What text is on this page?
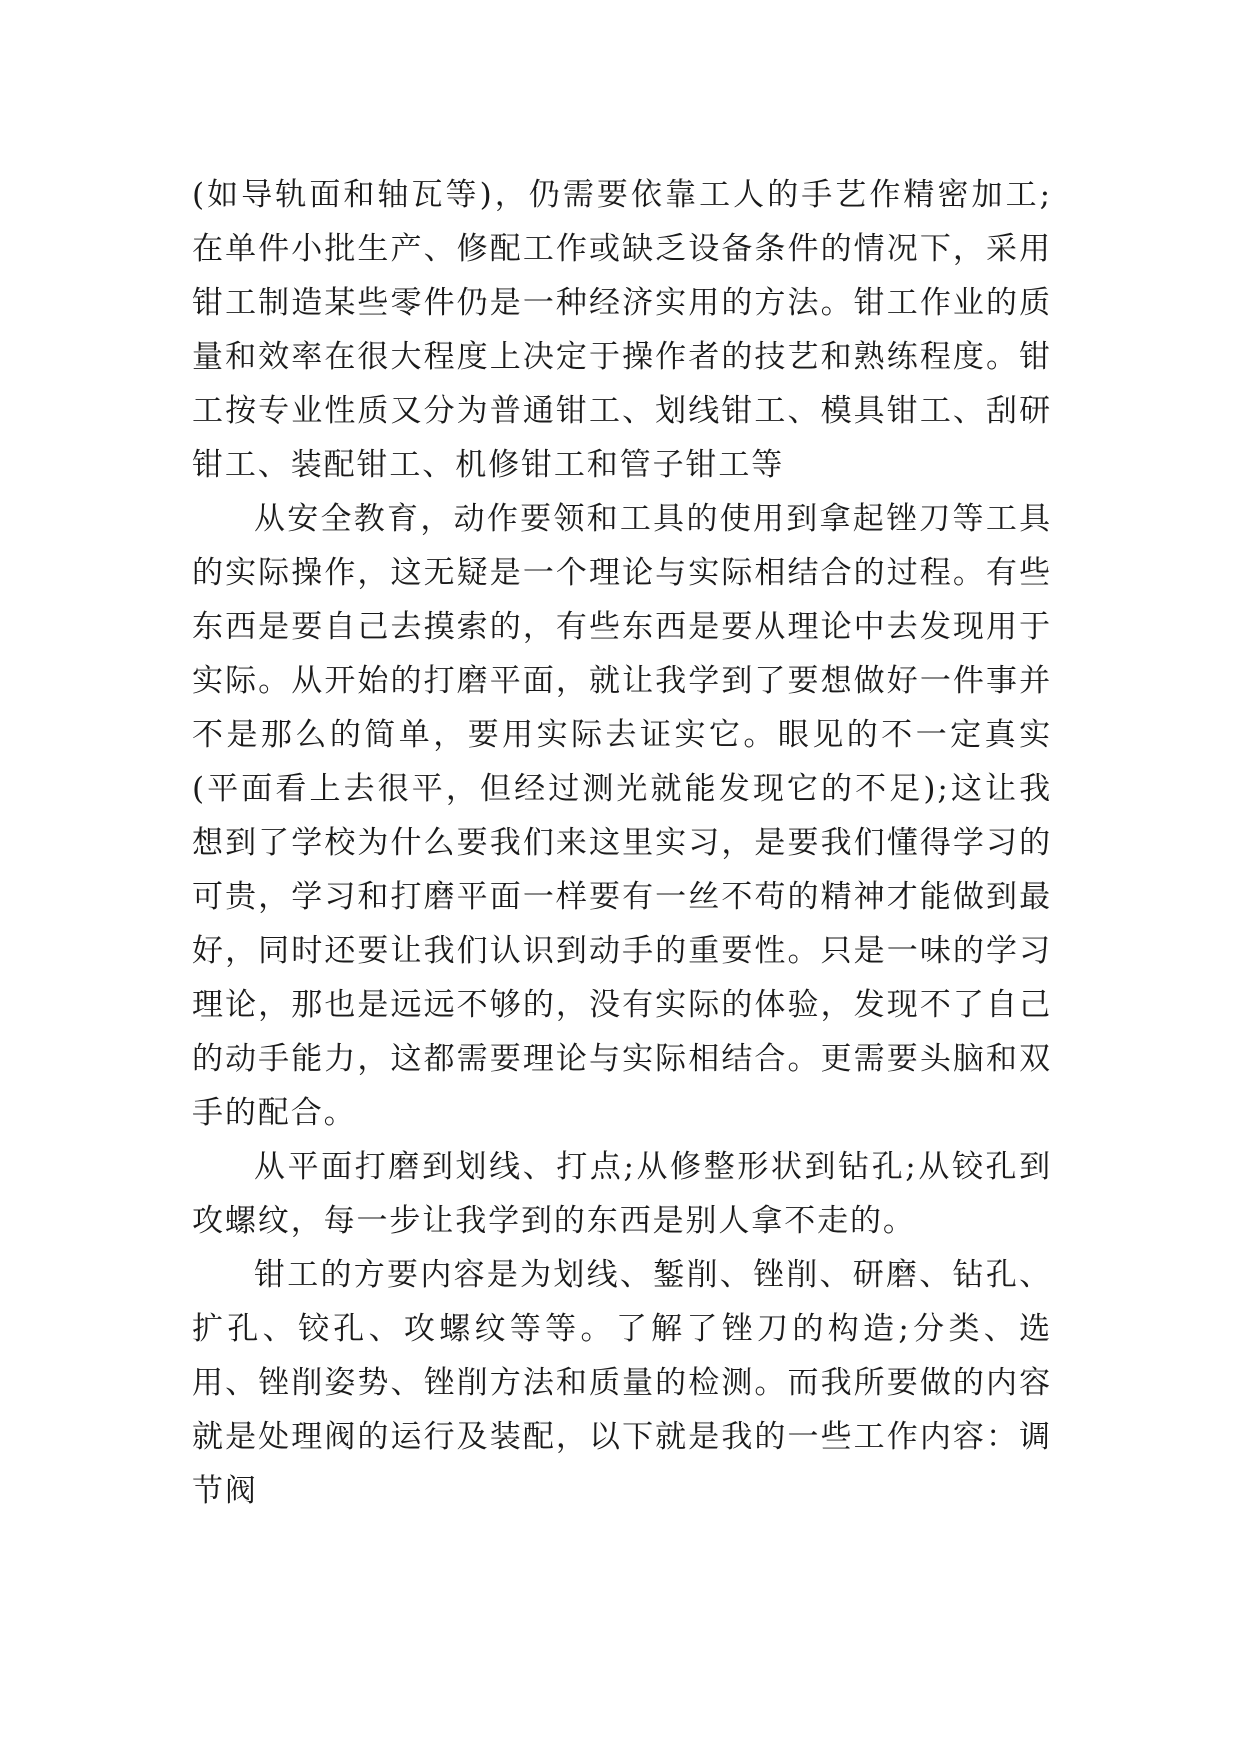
(如导轨面和轴瓦等)，仍需要依靠工人的手艺作精密加工;在单件小批生产、修配工作或缺乏设备条件的情况下，采用钳工制造某些零件仍是一种经济实用的方法。钳工作业的质量和效率在很大程度上决定于操作者的技艺和熟练程度。钳工按专业性质又分为普通钳工、划线钳工、模具钳工、刮研钳工、装配钳工、机修钳工和管子钳工等

从安全教育，动作要领和工具的使用到拿起锉刀等工具的实际操作，这无疑是一个理论与实际相结合的过程。有些东西是要自己去摸索的，有些东西是要从理论中去发现用于实际。从开始的打磨平面，就让我学到了要想做好一件事并不是那么的简单，要用实际去证实它。眼见的不一定真实(平面看上去很平，但经过测光就能发现它的不足);这让我想到了学校为什么要我们来这里实习，是要我们懂得学习的可贵，学习和打磨平面一样要有一丝不苟的精神才能做到最好，同时还要让我们认识到动手的重要性。只是一味的学习理论，那也是远远不够的，没有实际的体验，发现不了自己的动手能力，这都需要理论与实际相结合。更需要头脑和双手的配合。

从平面打磨到划线、打点;从修整形状到钻孔;从铰孔到攻螺纹，每一步让我学到的东西是别人拿不走的。

钳工的方要内容是为划线、錾削、锉削、研磨、钻孔、扩孔、铰孔、攻螺纹等等。了解了锉刀的构造;分类、选用、锉削姿势、锉削方法和质量的检测。而我所要做的内容就是处理阀的运行及装配，以下就是我的一些工作内容：调节阀
